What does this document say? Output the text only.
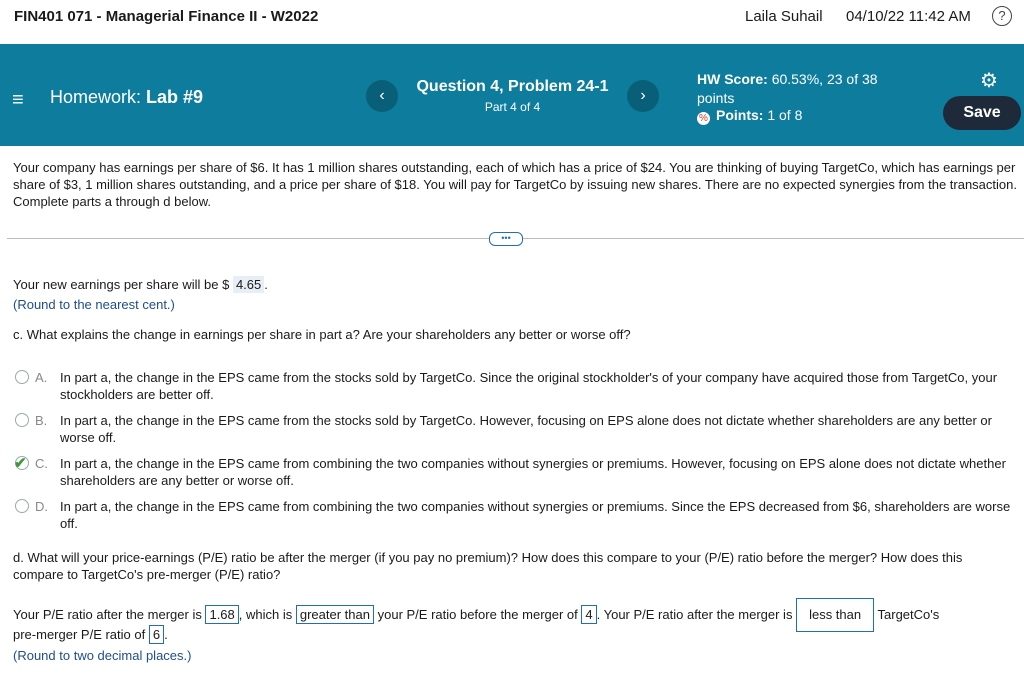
FIN401 071 - Managerial Finance II - W2022	Laila Suhail 04/10/22 11:42 AM	?
≡ Homework: Lab #9	‹
Question 4, Problem 24-1
Part 4 of 4
›
HW Score: 60.53%, 23 of 38
points
% Points: 1 of 8
⚙
Save
Your company has earnings per share of $6. It has 1 million shares outstanding, each of which has a price of $24. You are thinking of buying TargetCo, which has earnings per share of $3, 1 million shares outstanding, and a price per share of $18. You will pay for TargetCo by issuing new shares. There are no expected synergies from the transaction. Complete parts a through d below.
•••
Your new earnings per share will be $ 4.65 .
(Round to the nearest cent.)
c. What explains the change in earnings per share in part a? Are your shareholders any better or worse off?
A. In part a, the change in the EPS came from the stocks sold by TargetCo. Since the original stockholder's of your company have acquired those from TargetCo, your stockholders are better off.
B. In part a, the change in the EPS came from the stocks sold by TargetCo. However, focusing on EPS alone does not dictate whether shareholders are any better or worse off.
✔ C. In part a, the change in the EPS came from combining the two companies without synergies or premiums. However, focusing on EPS alone does not dictate whether shareholders are any better or worse off.
D. In part a, the change in the EPS came from combining the two companies without synergies or premiums. Since the EPS decreased from $6, shareholders are worse off.
d. What will your price-earnings (P/E) ratio be after the merger (if you pay no premium)? How does this compare to your (P/E) ratio before the merger? How does this compare to TargetCo's pre-merger (P/E) ratio?
Your P/E ratio after the merger is 1.68 , which is greater than your P/E ratio before the merger of 4 . Your P/E ratio after the merger is less than TargetCo's
pre-merger P/E ratio of 6 .
(Round to two decimal places.)
